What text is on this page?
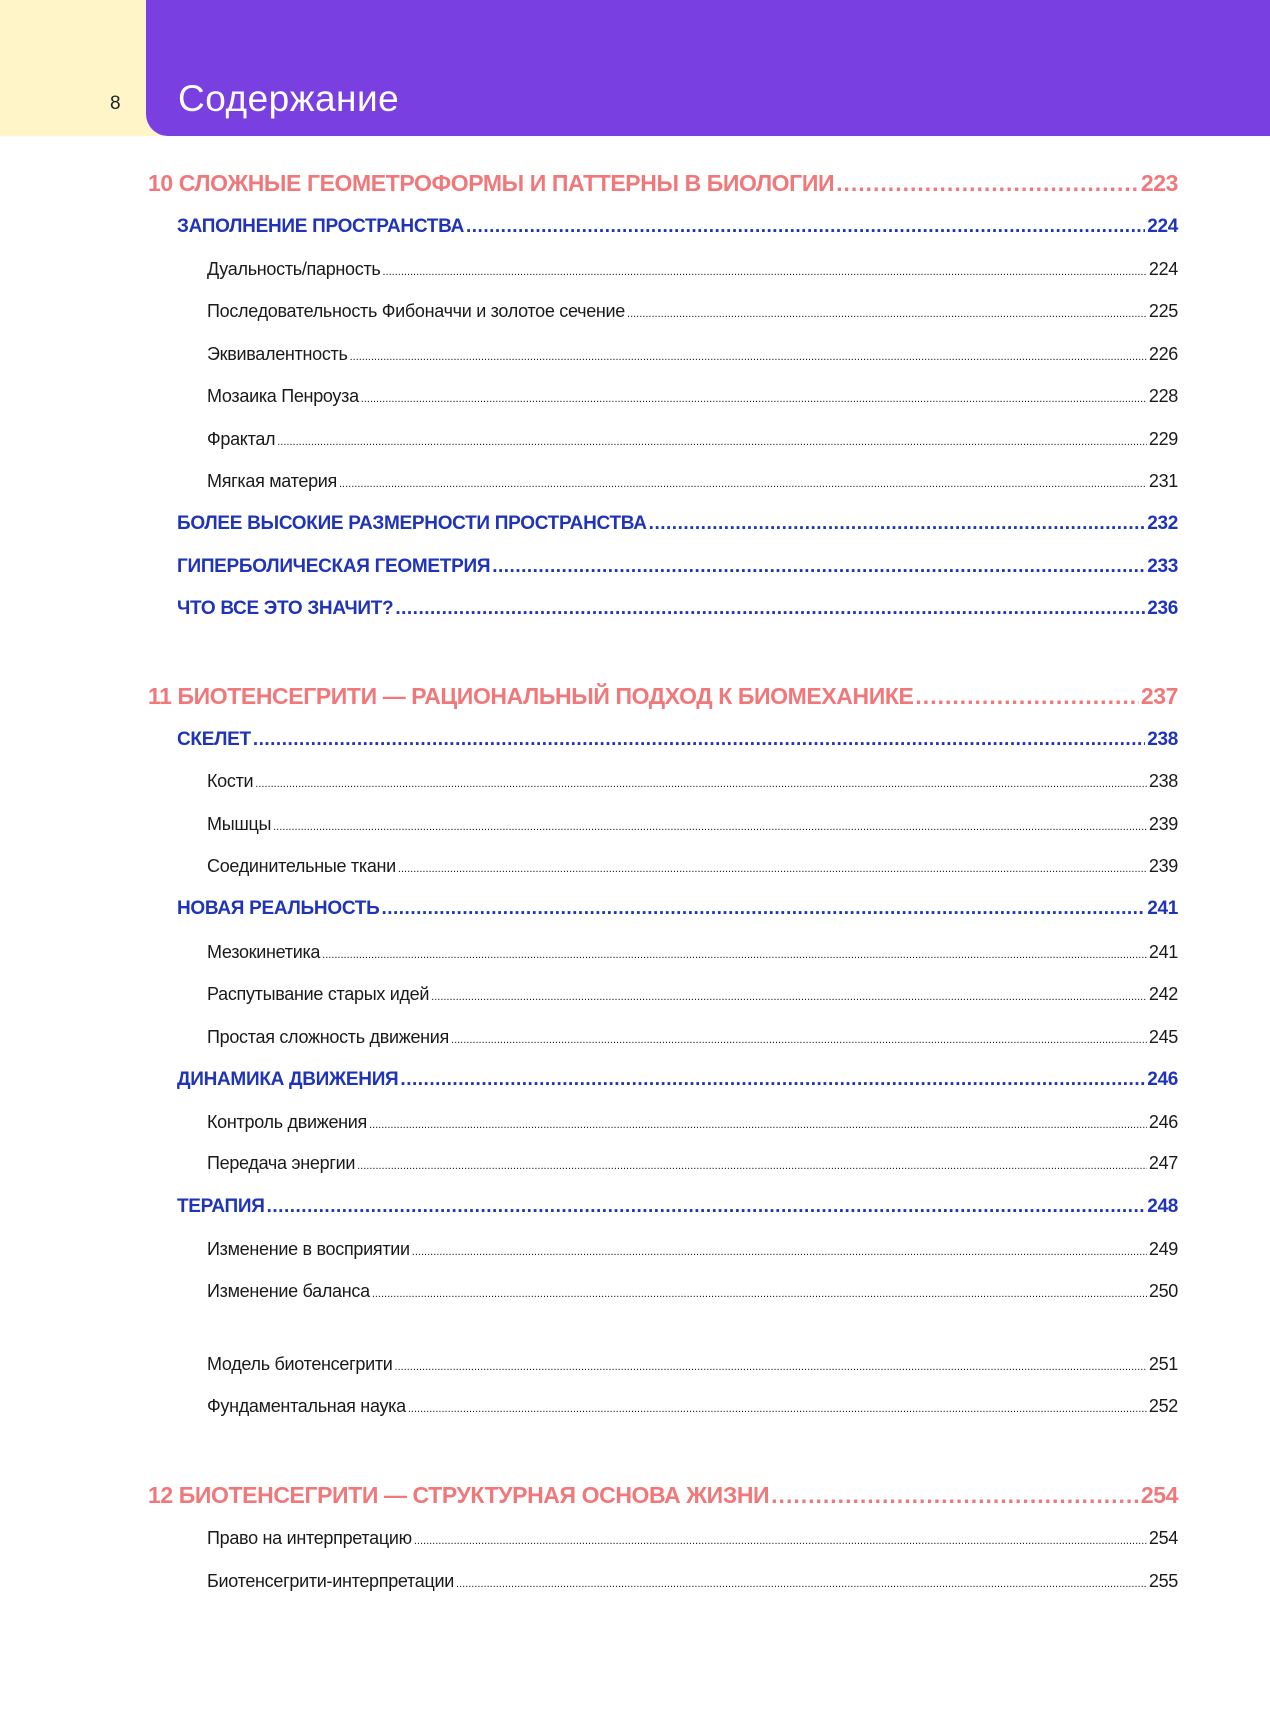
8	Содержание
10 СЛОЖНЫЕ ГЕОМЕТРОФОРМЫ И ПАТТЕРНЫ В БИОЛОГИИ .....	223
ЗАПОЛНЕНИЕ ПРОСТРАНСТВА .....	224
Дуальность/парность .....	224
Последовательность Фибоначчи и золотое сечение .....	225
Эквивалентность .....	226
Мозаика Пенроуза .....	228
Фрактал .....	229
Мягкая материя .....	231
БОЛЕЕ ВЫСОКИЕ РАЗМЕРНОСТИ ПРОСТРАНСТВА .....	232
ГИПЕРБОЛИЧЕСКАЯ ГЕОМЕТРИЯ .....	233
ЧТО ВСЕ ЭТО ЗНАЧИТ? .....	236
11 БИОТЕНСЕГРИТИ — РАЦИОНАЛЬНЫЙ ПОДХОД К БИОМЕХАНИКЕ .....	237
СКЕЛЕТ .....	238
Кости .....	238
Мышцы .....	239
Соединительные ткани .....	239
НОВАЯ РЕАЛЬНОСТЬ .....	241
Мезокинетика .....	241
Распутывание старых идей .....	242
Простая сложность движения .....	245
ДИНАМИКА ДВИЖЕНИЯ .....	246
Контроль движения .....	246
Передача энергии .....	247
ТЕРАПИЯ .....	248
Изменение в восприятии .....	249
Изменение баланса .....	250
Модель биотенсегрити .....	251
Фундаментальная наука .....	252
12 БИОТЕНСЕГРИТИ — СТРУКТУРНАЯ ОСНОВА ЖИЗНИ .....	254
Право на интерпретацию .....	254
Биотенсегрити-интерпретации .....	255
